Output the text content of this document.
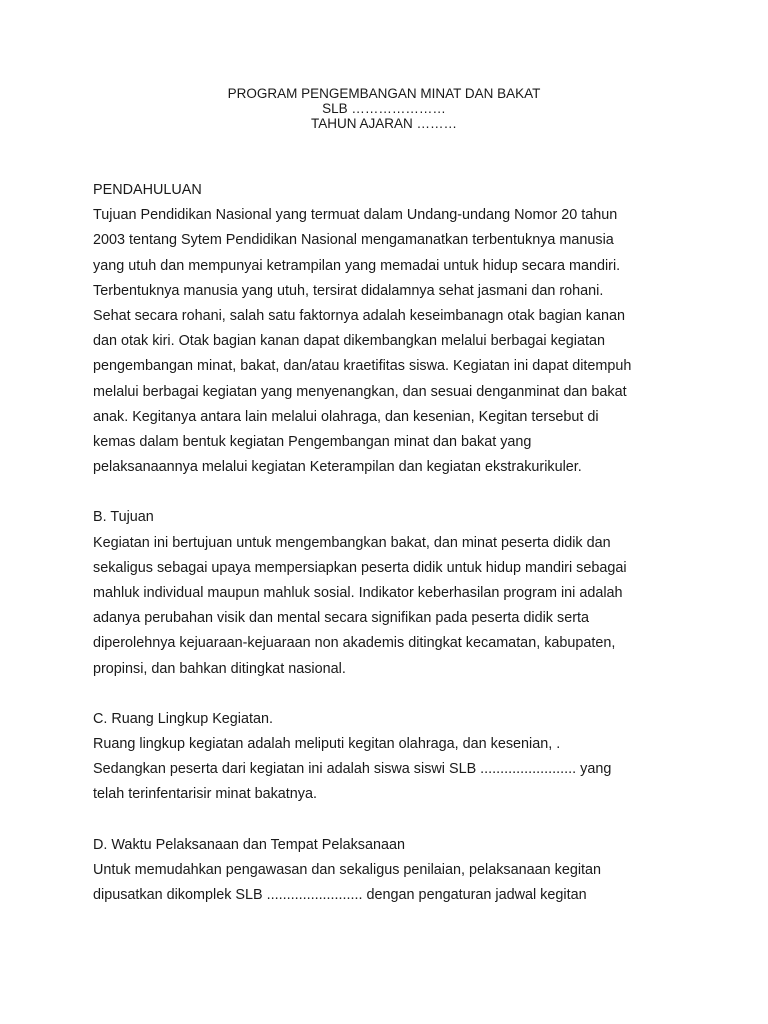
PROGRAM PENGEMBANGAN MINAT DAN BAKAT
SLB …………………
TAHUN AJARAN ………

PENDAHULUAN

Tujuan Pendidikan Nasional yang termuat dalam Undang-undang Nomor 20 tahun

2003 tentang Sytem Pendidikan Nasional mengamanatkan terbentuknya manusia

yang utuh dan mempunyai ketrampilan yang memadai untuk hidup secara mandiri.

Terbentuknya manusia yang utuh, tersirat didalamnya sehat jasmani dan rohani.

Sehat secara rohani, salah satu faktornya adalah keseimbanagn otak bagian kanan

dan otak kiri. Otak bagian kanan dapat dikembangkan melalui berbagai kegiatan

pengembangan minat, bakat, dan/atau kraetifitas siswa. Kegiatan ini dapat ditempuh

melalui berbagai kegiatan yang menyenangkan, dan sesuai denganminat dan bakat

anak. Kegitanya antara lain melalui olahraga, dan kesenian, Kegitan tersebut di

kemas dalam bentuk kegiatan Pengembangan minat dan bakat yang

pelaksanaannya melalui kegiatan Keterampilan dan kegiatan ekstrakurikuler.

B. Tujuan

Kegiatan ini bertujuan untuk mengembangkan bakat, dan minat peserta didik dan

sekaligus sebagai upaya mempersiapkan peserta didik untuk hidup mandiri sebagai

mahluk individual maupun mahluk sosial. Indikator keberhasilan program ini adalah

adanya perubahan visik dan mental secara signifikan pada peserta didik serta

diperolehnya kejuaraan-kejuaraan non akademis ditingkat kecamatan, kabupaten,

propinsi, dan bahkan ditingkat nasional.

C. Ruang Lingkup Kegiatan.

Ruang lingkup kegiatan adalah meliputi kegitan olahraga, dan kesenian, .

Sedangkan peserta dari kegiatan ini adalah siswa siswi SLB ........................ yang

telah terinfentarisir minat bakatnya.

D. Waktu Pelaksanaan dan Tempat Pelaksanaan

Untuk memudahkan pengawasan dan sekaligus penilaian, pelaksanaan kegitan

dipusatkan dikomplek SLB ........................ dengan pengaturan jadwal kegitan
